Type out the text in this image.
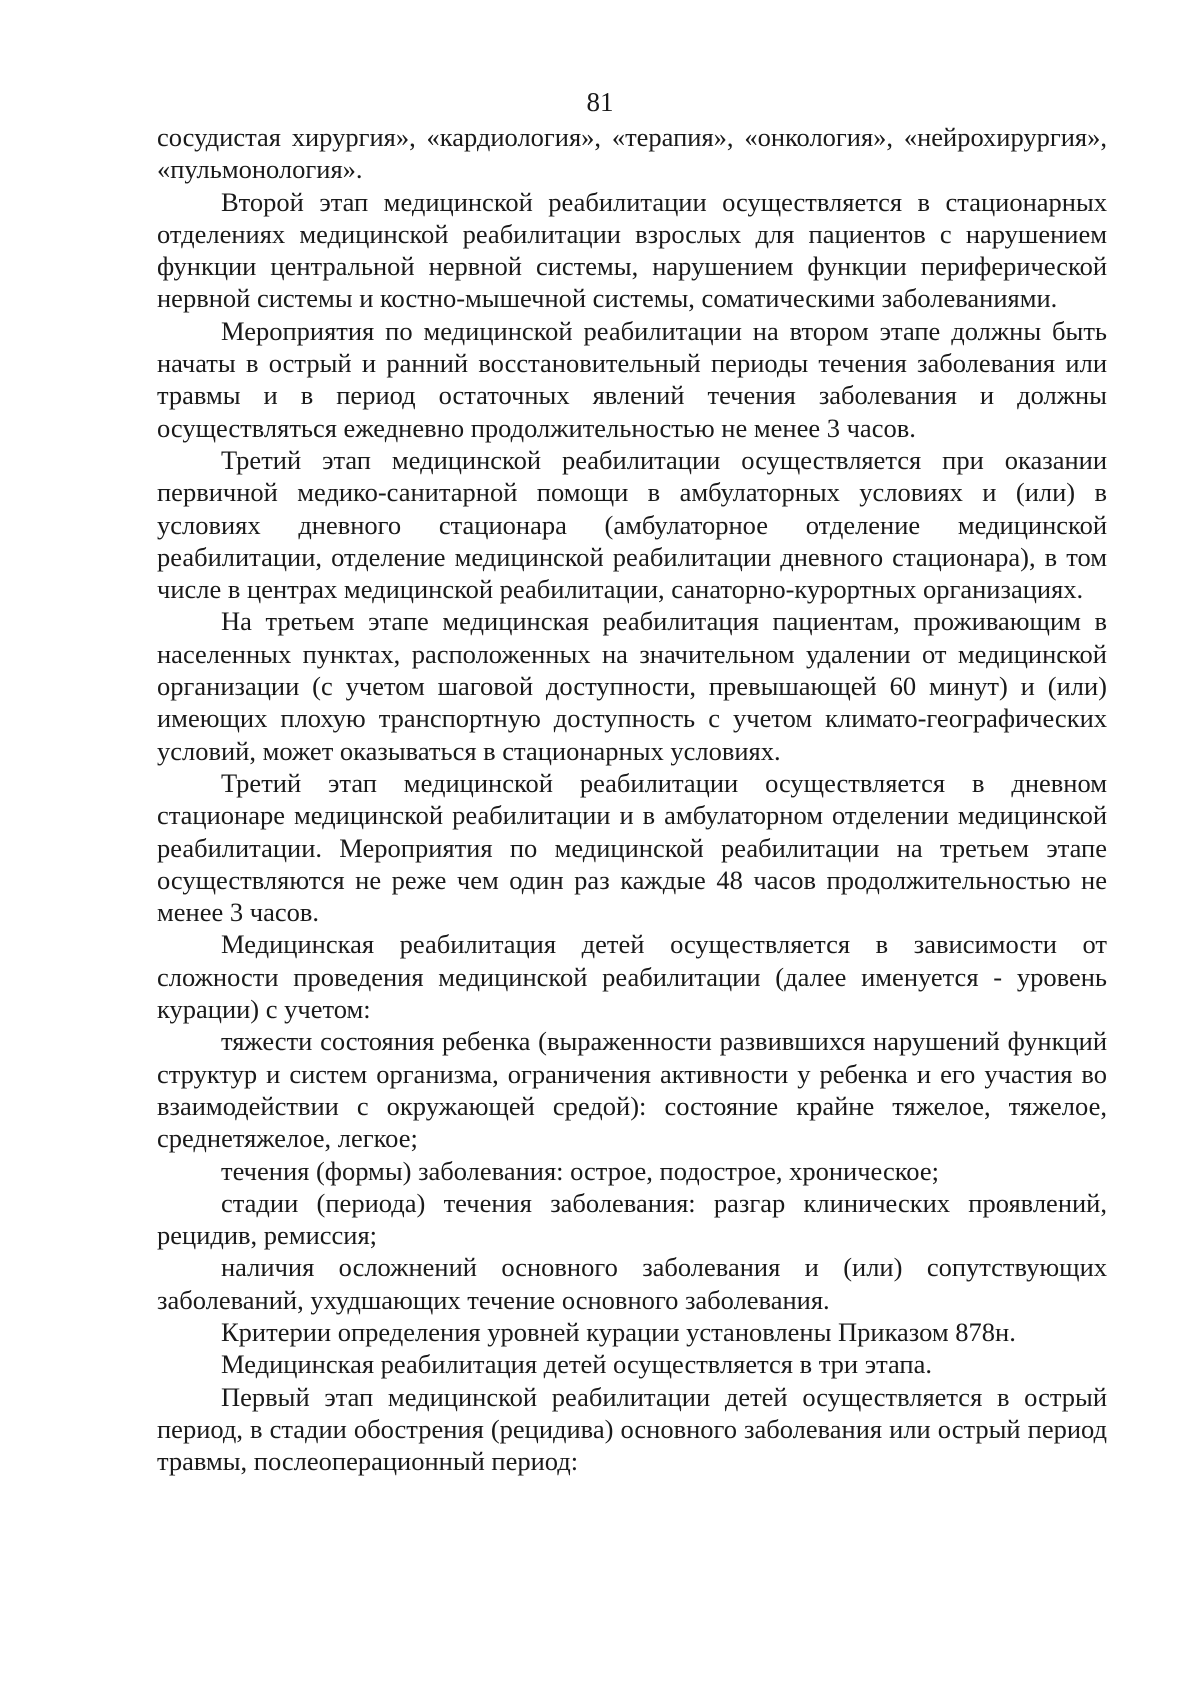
81

сосудистая хирургия», «кардиология», «терапия», «онкология», «нейрохирургия», «пульмонология».

Второй этап медицинской реабилитации осуществляется в стационарных отделениях медицинской реабилитации взрослых для пациентов с нарушением функции центральной нервной системы, нарушением функции периферической нервной системы и костно-мышечной системы, соматическими заболеваниями.

Мероприятия по медицинской реабилитации на втором этапе должны быть начаты в острый и ранний восстановительный периоды течения заболевания или травмы и в период остаточных явлений течения заболевания и должны осуществляться ежедневно продолжительностью не менее 3 часов.

Третий этап медицинской реабилитации осуществляется при оказании первичной медико-санитарной помощи в амбулаторных условиях и (или) в условиях дневного стационара (амбулаторное отделение медицинской реабилитации, отделение медицинской реабилитации дневного стационара), в том числе в центрах медицинской реабилитации, санаторно-курортных организациях.

На третьем этапе медицинская реабилитация пациентам, проживающим в населенных пунктах, расположенных на значительном удалении от медицинской организации (с учетом шаговой доступности, превышающей 60 минут) и (или) имеющих плохую транспортную доступность с учетом климато-географических условий, может оказываться в стационарных условиях.

Третий этап медицинской реабилитации осуществляется в дневном стационаре медицинской реабилитации и в амбулаторном отделении медицинской реабилитации. Мероприятия по медицинской реабилитации на третьем этапе осуществляются не реже чем один раз каждые 48 часов продолжительностью не менее 3 часов.

Медицинская реабилитация детей осуществляется в зависимости от сложности проведения медицинской реабилитации (далее именуется - уровень курации) с учетом:

тяжести состояния ребенка (выраженности развившихся нарушений функций структур и систем организма, ограничения активности у ребенка и его участия во взаимодействии с окружающей средой): состояние крайне тяжелое, тяжелое, среднетяжелое, легкое;

течения (формы) заболевания: острое, подострое, хроническое;

стадии (периода) течения заболевания: разгар клинических проявлений, рецидив, ремиссия;

наличия осложнений основного заболевания и (или) сопутствующих заболеваний, ухудшающих течение основного заболевания.

Критерии определения уровней курации установлены Приказом 878н.

Медицинская реабилитация детей осуществляется в три этапа.

Первый этап медицинской реабилитации детей осуществляется в острый период, в стадии обострения (рецидива) основного заболевания или острый период травмы, послеоперационный период:
